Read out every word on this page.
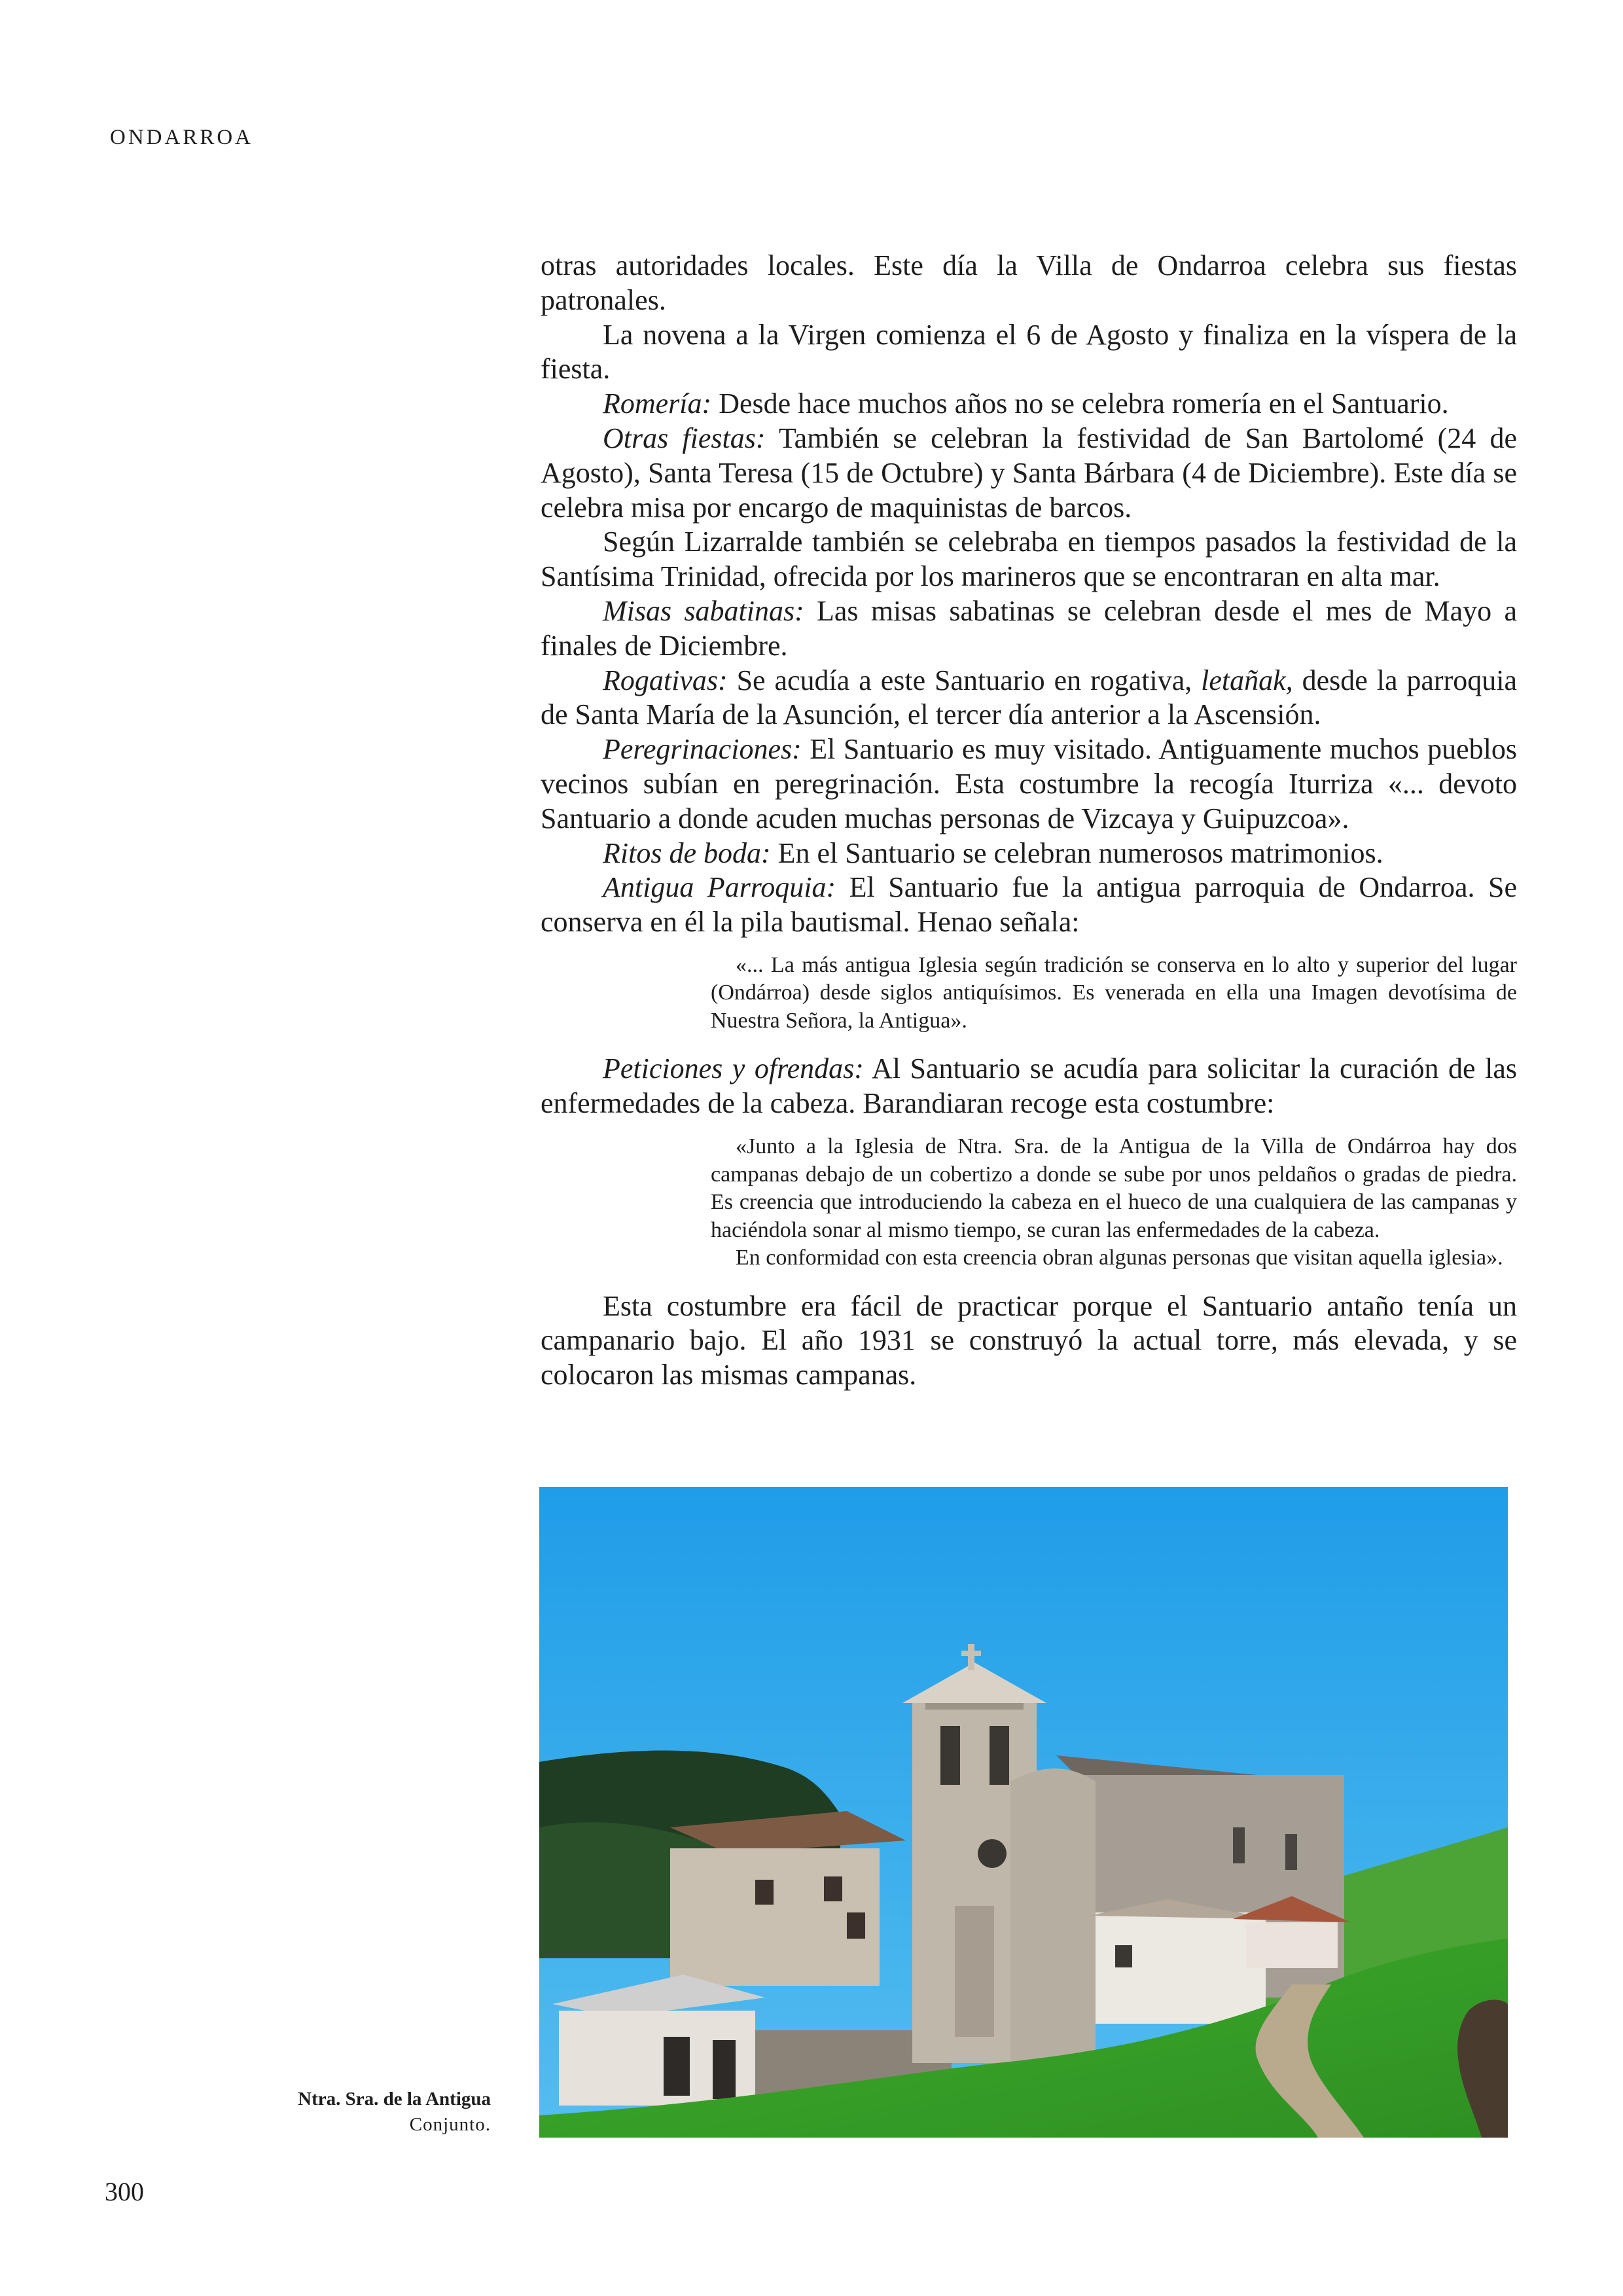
ONDARROA

otras autoridades locales. Este día la Villa de Ondarroa celebra sus fiestas patronales.

La novena a la Virgen comienza el 6 de Agosto y finaliza en la víspera de la fiesta.

Romería: Desde hace muchos años no se celebra romería en el Santuario.

Otras fiestas: También se celebran la festividad de San Bartolomé (24 de Agosto), Santa Teresa (15 de Octubre) y Santa Bárbara (4 de Diciembre). Este día se celebra misa por encargo de maquinistas de barcos.

Según Lizarralde también se celebraba en tiempos pasados la festividad de la Santísima Trinidad, ofrecida por los marineros que se encontraran en alta mar.

Misas sabatinas: Las misas sabatinas se celebran desde el mes de Mayo a finales de Diciembre.

Rogativas: Se acudía a este Santuario en rogativa, letañak, desde la parroquia de Santa María de la Asunción, el tercer día anterior a la Ascensión.

Peregrinaciones: El Santuario es muy visitado. Antiguamente muchos pueblos vecinos subían en peregrinación. Esta costumbre la recogía Iturriza «... devoto Santuario a donde acuden muchas personas de Vizcaya y Guipuzcoa».

Ritos de boda: En el Santuario se celebran numerosos matrimonios.

Antigua Parroquia: El Santuario fue la antigua parroquia de Ondarroa. Se conserva en él la pila bautismal. Henao señala:

«... La más antigua Iglesia según tradición se conserva en lo alto y superior del lugar (Ondárroa) desde siglos antiquísimos. Es venerada en ella una Imagen devotísima de Nuestra Señora, la Antigua».

Peticiones y ofrendas: Al Santuario se acudía para solicitar la curación de las enfermedades de la cabeza. Barandiaran recoge esta costumbre:

«Junto a la Iglesia de Ntra. Sra. de la Antigua de la Villa de Ondárroa hay dos campanas debajo de un cobertizo a donde se sube por unos peldaños o gradas de piedra. Es creencia que introduciendo la cabeza en el hueco de una cualquiera de las campanas y haciéndola sonar al mismo tiempo, se curan las enfermedades de la cabeza.

En conformidad con esta creencia obran algunas personas que visitan aquella iglesia».

Esta costumbre era fácil de practicar porque el Santuario antaño tenía un campanario bajo. El año 1931 se construyó la actual torre, más elevada, y se colocaron las mismas campanas.

Ntra. Sra. de la Antigua
Conjunto.
300
